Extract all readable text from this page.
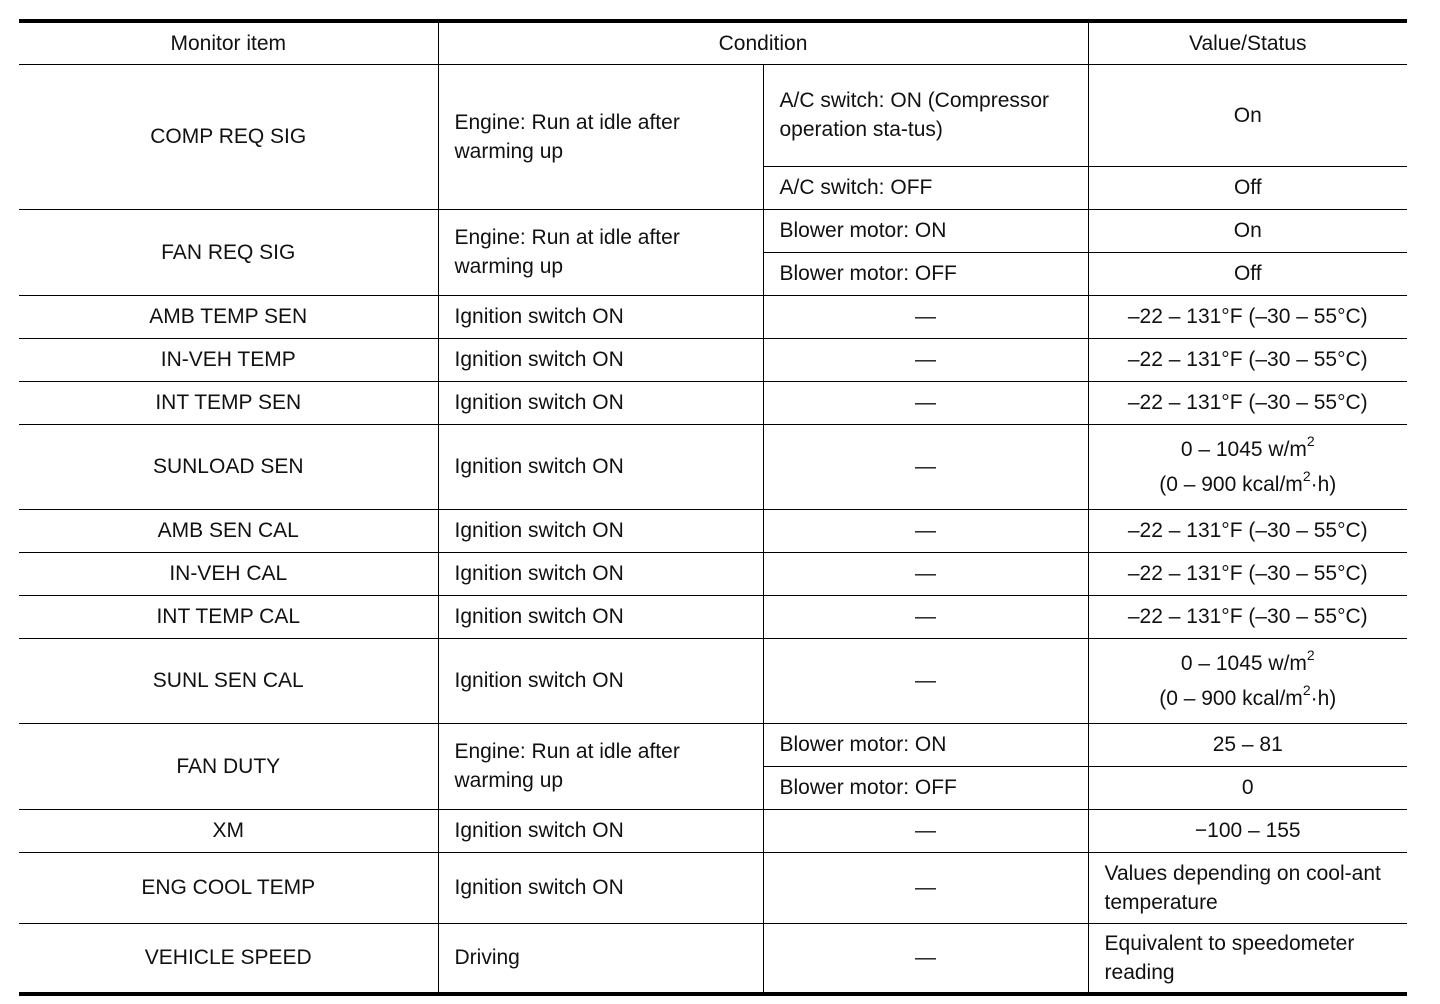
Monitor item	Condition		Value/Status
COMP REQ SIG	Engine: Run at idle after warming up	A/C switch: ON (Compressor operation sta-tus)	On
		A/C switch: OFF	Off
FAN REQ SIG	Engine: Run at idle after warming up	Blower motor: ON	On
		Blower motor: OFF	Off
AMB TEMP SEN	Ignition switch ON	—	–22 – 131°F (–30 – 55°C)
IN-VEH TEMP	Ignition switch ON	—	–22 – 131°F (–30 – 55°C)
INT TEMP SEN	Ignition switch ON	—	–22 – 131°F (–30 – 55°C)
SUNLOAD SEN	Ignition switch ON	—	0 – 1045 $w/m^2$
(0 – 900 kcal/$m^2\cdot h$)

AMB SEN CAL	Ignition switch ON	—	–22 – 131°F (–30 – 55°C)
IN-VEH CAL	Ignition switch ON	—	–22 – 131°F (–30 – 55°C)
INT TEMP CAL	Ignition switch ON	—	–22 – 131°F (–30 – 55°C)
SUNL SEN CAL	Ignition switch ON	—	0 – 1045 $w/m^2$
(0 – 900 kcal/$m^2\cdot h$)

FAN DUTY	Engine: Run at idle after warming up	Blower motor: ON	25 – 81
		Blower motor: OFF	0
XM	Ignition switch ON	—	−100 – 155
ENG COOL TEMP	Ignition switch ON	—	Values depending on cool-ant temperature
VEHICLE SPEED	Driving	—	Equivalent to speedometer reading
